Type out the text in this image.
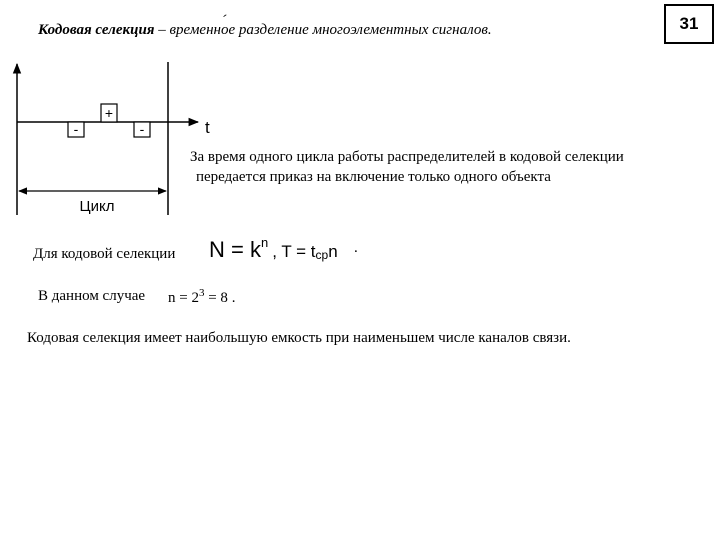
Кодовая селекция – временное ́ разделение многоэлементных сигналов.	31
+
-	-	t
Цикл
За время одного цикла работы распределителей в кодовой селекции
передается приказ на включение только одного объекта
Для кодовой селекции $N = k^n$ , $T = t_{ср}n$ .
В данном случае $n = 2^3 = 8$ .
Кодовая селекция имеет наибольшую емкость при наименьшем числе каналов связи.
